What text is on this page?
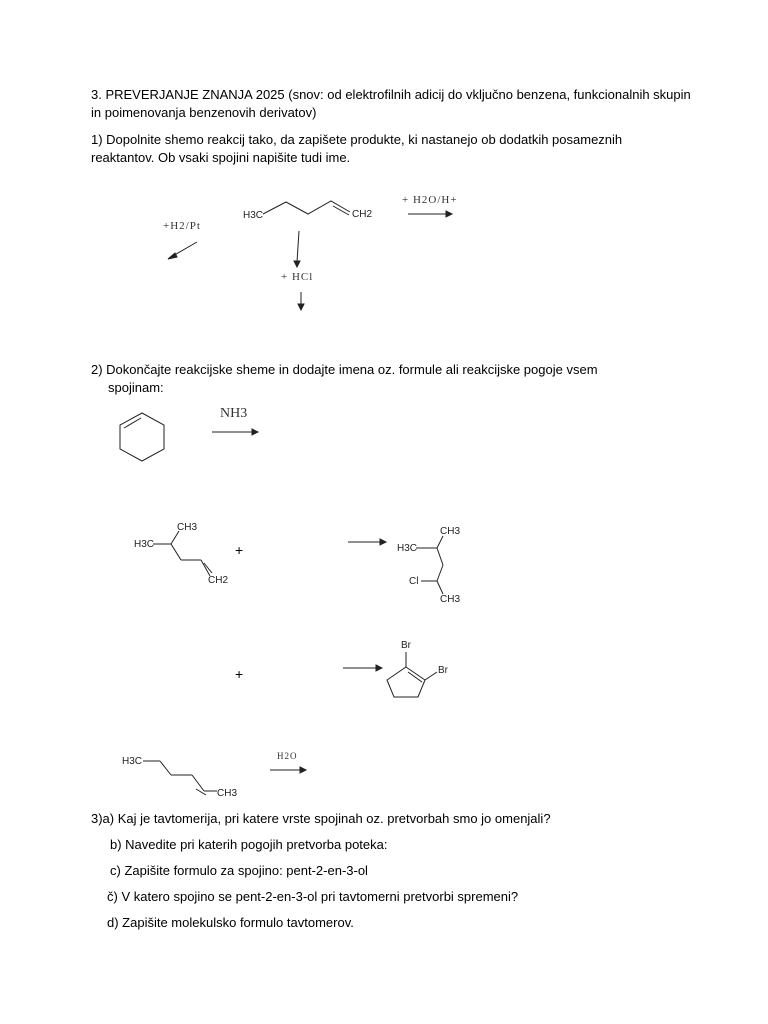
3. PREVERJANJE ZNANJA 2025 (snov: od elektrofilnih adicij do vključno benzena, funkcionalnih skupin
in poimenovanja benzenovih derivatov)
1) Dopolnite shemo reakcij tako, da zapišete produkte, ki nastanejo ob dodatkih posameznih
reaktantov. Ob vsaki spojini napišite tudi ime.
2) Dokončajte reakcijske sheme in dodajte imena oz. formule ali reakcijske pogoje vsem
spojinam:
3)a) Kaj je tavtomerija, pri katere vrste spojinah oz. pretvorbah smo jo omenjali?
b) Navedite pri katerih pogojih pretvorba poteka:
c) Zapišite formulo za spojino: pent-2-en-3-ol
č) V katero spojino se pent-2-en-3-ol pri tavtomerni pretvorbi spremeni?
d) Zapišite molekulsko formulo tavtomerov.
H3C	CH2
+ H2O/H+
+H2/Pt
+ HCl
NH3
CH3
H3C
CH2
+
CH3
H3C
Cl
CH3
+
Br
Br
H3C
CH3
H2O
